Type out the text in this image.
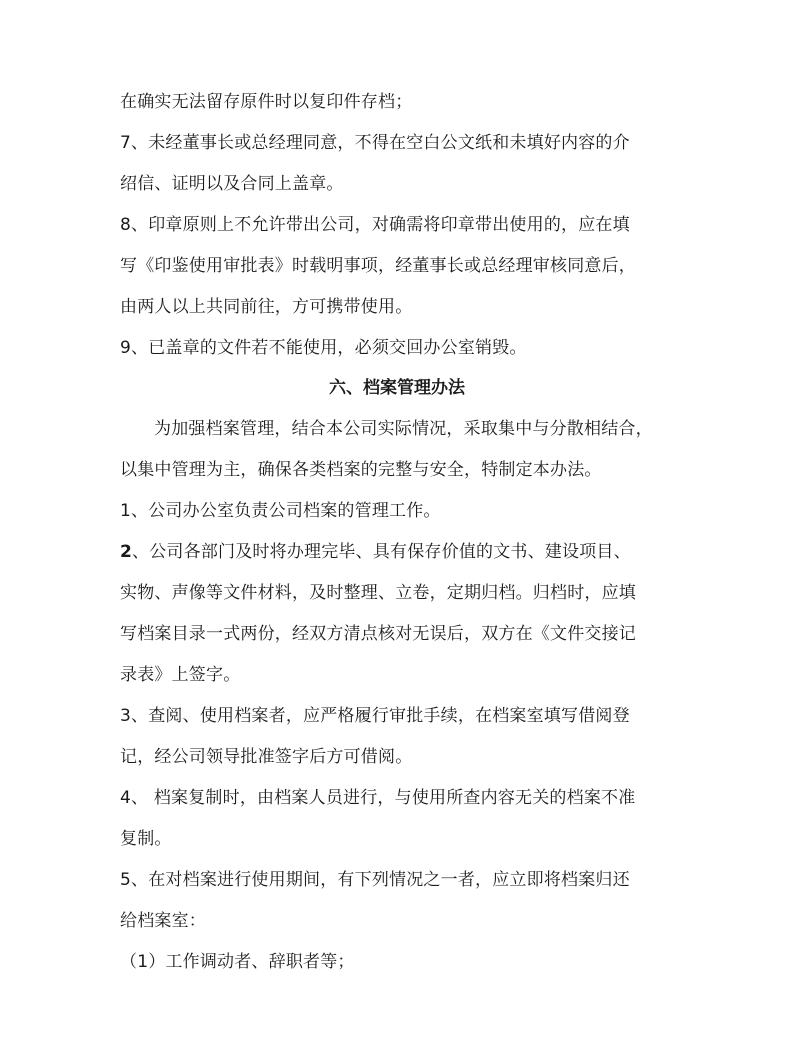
在确实无法留存原件时以复印件存档；
7、未经董事长或总经理同意，不得在空白公文纸和未填好内容的介
绍信、证明以及合同上盖章。
8、印章原则上不允许带出公司，对确需将印章带出使用的，应在填
写《印鉴使用审批表》时载明事项，经董事长或总经理审核同意后，
由两人以上共同前往，方可携带使用。
9、已盖章的文件若不能使用，必须交回办公室销毁。
六、档案管理办法
为加强档案管理，结合本公司实际情况，采取集中与分散相结合，
以集中管理为主，确保各类档案的完整与安全，特制定本办法。
1、公司办公室负责公司档案的管理工作。
2、公司各部门及时将办理完毕、具有保存价值的文书、建设项目、
实物、声像等文件材料，及时整理、立卷，定期归档。归档时，应填
写档案目录一式两份，经双方清点核对无误后，双方在《文件交接记
录表》上签字。
3、查阅、使用档案者，应严格履行审批手续，在档案室填写借阅登
记，经公司领导批准签字后方可借阅。
4、 档案复制时，由档案人员进行，与使用所查内容无关的档案不准
复制。
5、在对档案进行使用期间，有下列情况之一者，应立即将档案归还
给档案室：
（1）工作调动者、辞职者等；
